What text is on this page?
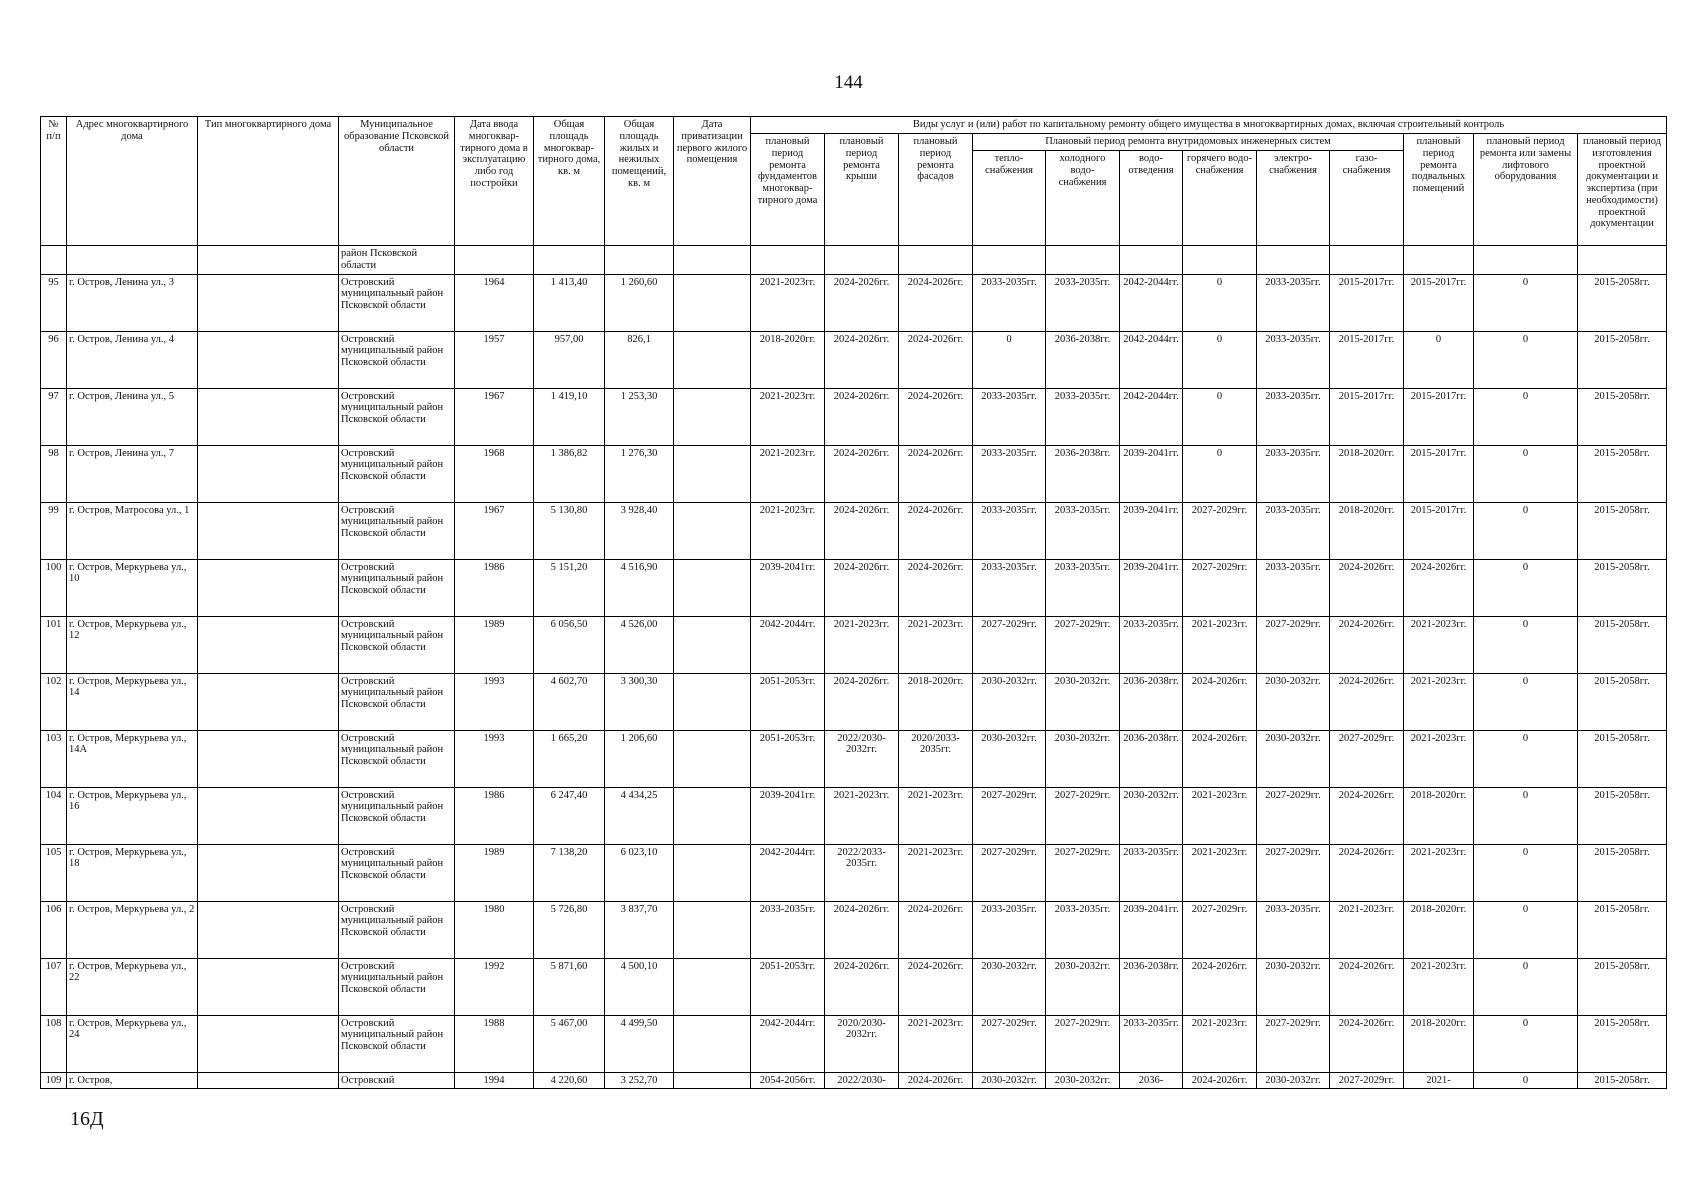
144
№ п/п	Адрес многоквартирного дома	Тип многоквартирного дома	Муниципальное образование Псковской области	Дата ввода многоквар-тирного дома в эксплуатацию либо год постройки	Общая площадь многоквар-тирного дома, кв. м	Общая площадь жилых и нежилых помещений, кв. м	Дата приватизации первого жилого помещения	Виды услуг и (или) работ по капитальному ремонту общего имущества в многоквартирных домах, включая строительный контроль											
								плановый период ремонта фундаментов многоквар-тирного дома	плановый период ремонта крыши	плановый период ремонта фасадов	Плановый период ремонта внутридомовых инженерных систем						плановый период ремонта подвальных помещений	плановый период ремонта или замены лифтового оборудования	плановый период изготовления проектной документации и экспертиза (при необходимости) проектной документации
											тепло-снабжения	холодного водо-снабжения	водо-отведения	горячего водо-снабжения	электро-снабжения	газо-снабжения			
			район Псковской области																
95	г. Остров, Ленина ул., 3		Островский муниципальный район Псковской области	1964	1 413,40	1 260,60		2021-2023гг.	2024-2026гг.	2024-2026гг.	2033-2035гг.	2033-2035гг.	2042-2044гг.	0	2033-2035гг.	2015-2017гг.	2015-2017гг.	0	2015-2058гг.
96	г. Остров, Ленина ул., 4		Островский муниципальный район Псковской области	1957	957,00	826,1		2018-2020гг.	2024-2026гг.	2024-2026гг.	0	2036-2038гг.	2042-2044гг.	0	2033-2035гг.	2015-2017гг.	0	0	2015-2058гг.
97	г. Остров, Ленина ул., 5		Островский муниципальный район Псковской области	1967	1 419,10	1 253,30		2021-2023гг.	2024-2026гг.	2024-2026гг.	2033-2035гг.	2033-2035гг.	2042-2044гг.	0	2033-2035гг.	2015-2017гг.	2015-2017гг.	0	2015-2058гг.
98	г. Остров, Ленина ул., 7		Островский муниципальный район Псковской области	1968	1 386,82	1 276,30		2021-2023гг.	2024-2026гг.	2024-2026гг.	2033-2035гг.	2036-2038гг.	2039-2041гг.	0	2033-2035гг.	2018-2020гг.	2015-2017гг.	0	2015-2058гг.
99	г. Остров, Матросова ул., 1		Островский муниципальный район Псковской области	1967	5 130,80	3 928,40		2021-2023гг.	2024-2026гг.	2024-2026гг.	2033-2035гг.	2033-2035гг.	2039-2041гг.	2027-2029гг.	2033-2035гг.	2018-2020гг.	2015-2017гг.	0	2015-2058гг.
100	г. Остров, Меркурьева ул., 10		Островский муниципальный район Псковской области	1986	5 151,20	4 516,90		2039-2041гг.	2024-2026гг.	2024-2026гг.	2033-2035гг.	2033-2035гг.	2039-2041гг.	2027-2029гг.	2033-2035гг.	2024-2026гг.	2024-2026гг.	0	2015-2058гг.
101	г. Остров, Меркурьева ул., 12		Островский муниципальный район Псковской области	1989	6 056,50	4 526,00		2042-2044гг.	2021-2023гг.	2021-2023гг.	2027-2029гг.	2027-2029гг.	2033-2035гг.	2021-2023гг.	2027-2029гг.	2024-2026гг.	2021-2023гг.	0	2015-2058гг.
102	г. Остров, Меркурьева ул., 14		Островский муниципальный район Псковской области	1993	4 602,70	3 300,30		2051-2053гг.	2024-2026гг.	2018-2020гг.	2030-2032гг.	2030-2032гг.	2036-2038гг.	2024-2026гг.	2030-2032гг.	2024-2026гг.	2021-2023гг.	0	2015-2058гг.
103	г. Остров, Меркурьева ул., 14А		Островский муниципальный район Псковской области	1993	1 665,20	1 206,60		2051-2053гг.	2022/2030-2032гг.	2020/2033-2035гг.	2030-2032гг.	2030-2032гг.	2036-2038гг.	2024-2026гг.	2030-2032гг.	2027-2029гг.	2021-2023гг.	0	2015-2058гг.
104	г. Остров, Меркурьева ул., 16		Островский муниципальный район Псковской области	1986	6 247,40	4 434,25		2039-2041гг.	2021-2023гг.	2021-2023гг.	2027-2029гг.	2027-2029гг.	2030-2032гг.	2021-2023гг.	2027-2029гг.	2024-2026гг.	2018-2020гг.	0	2015-2058гг.
105	г. Остров, Меркурьева ул., 18		Островский муниципальный район Псковской области	1989	7 138,20	6 023,10		2042-2044гг.	2022/2033-2035гг.	2021-2023гг.	2027-2029гг.	2027-2029гг.	2033-2035гг.	2021-2023гг.	2027-2029гг.	2024-2026гг.	2021-2023гг.	0	2015-2058гг.
106	г. Остров, Меркурьева ул., 2		Островский муниципальный район Псковской области	1980	5 726,80	3 837,70		2033-2035гг.	2024-2026гг.	2024-2026гг.	2033-2035гг.	2033-2035гг.	2039-2041гг.	2027-2029гг.	2033-2035гг.	2021-2023гг.	2018-2020гг.	0	2015-2058гг.
107	г. Остров, Меркурьева ул., 22		Островский муниципальный район Псковской области	1992	5 871,60	4 500,10		2051-2053гг.	2024-2026гг.	2024-2026гг.	2030-2032гг.	2030-2032гг.	2036-2038гг.	2024-2026гг.	2030-2032гг.	2024-2026гг.	2021-2023гг.	0	2015-2058гг.
108	г. Остров, Меркурьева ул., 24		Островский муниципальный район Псковской области	1988	5 467,00	4 499,50		2042-2044гг.	2020/2030-2032гг.	2021-2023гг.	2027-2029гг.	2027-2029гг.	2033-2035гг.	2021-2023гг.	2027-2029гг.	2024-2026гг.	2018-2020гг.	0	2015-2058гг.
109	г. Остров,		Островский	1994	4 220,60	3 252,70		2054-2056гг.	2022/2030-	2024-2026гг.	2030-2032гг.	2030-2032гг.	2036-	2024-2026гг.	2030-2032гг.	2027-2029гг.	2021-	0	2015-2058гг.
16Д
